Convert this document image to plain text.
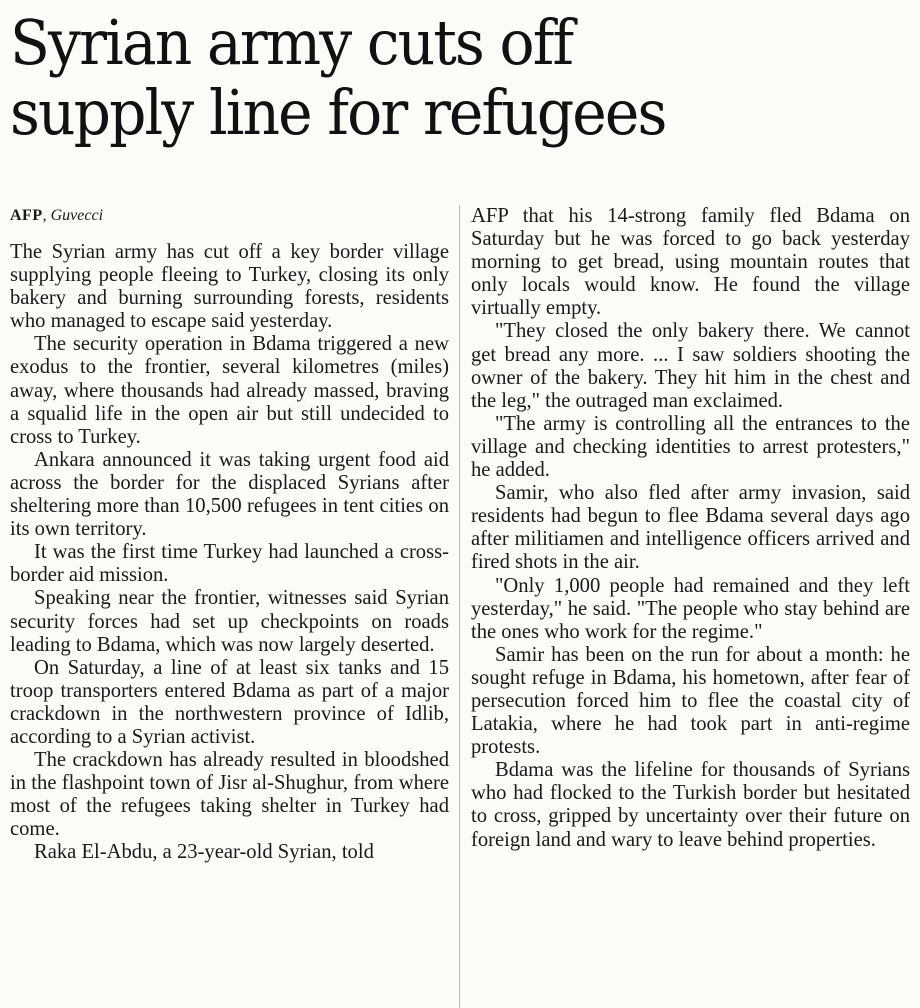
Syrian army cuts off
supply line for refugees
AFP, Guvecci

The Syrian army has cut off a key border village supplying people fleeing to Turkey, closing its only bakery and burning surrounding forests, residents who managed to escape said yesterday.

The security operation in Bdama triggered a new exodus to the frontier, several kilometres (miles) away, where thousands had already massed, braving a squalid life in the open air but still undecided to cross to Turkey.

Ankara announced it was taking urgent food aid across the border for the displaced Syrians after sheltering more than 10,500 refugees in tent cities on its own territory.

It was the first time Turkey had launched a cross-border aid mission.

Speaking near the frontier, witnesses said Syrian security forces had set up checkpoints on roads leading to Bdama, which was now largely deserted.

On Saturday, a line of at least six tanks and 15 troop transporters entered Bdama as part of a major crackdown in the northwestern province of Idlib, according to a Syrian activist.

The crackdown has already resulted in bloodshed in the flashpoint town of Jisr al-Shughur, from where most of the refugees taking shelter in Turkey had come.

Raka El-Abdu, a 23-year-old Syrian, told

AFP that his 14-strong family fled Bdama on Saturday but he was forced to go back yesterday morning to get bread, using mountain routes that only locals would know. He found the village virtually empty.

"They closed the only bakery there. We cannot get bread any more. ... I saw soldiers shooting the owner of the bakery. They hit him in the chest and the leg," the outraged man exclaimed.

"The army is controlling all the entrances to the village and checking identities to arrest protesters," he added.

Samir, who also fled after army invasion, said residents had begun to flee Bdama several days ago after militiamen and intelligence officers arrived and fired shots in the air.

"Only 1,000 people had remained and they left yesterday," he said. "The people who stay behind are the ones who work for the regime."

Samir has been on the run for about a month: he sought refuge in Bdama, his hometown, after fear of persecution forced him to flee the coastal city of Latakia, where he had took part in anti-regime protests.

Bdama was the lifeline for thousands of Syrians who had flocked to the Turkish border but hesitated to cross, gripped by uncertainty over their future on foreign land and wary to leave behind properties.
